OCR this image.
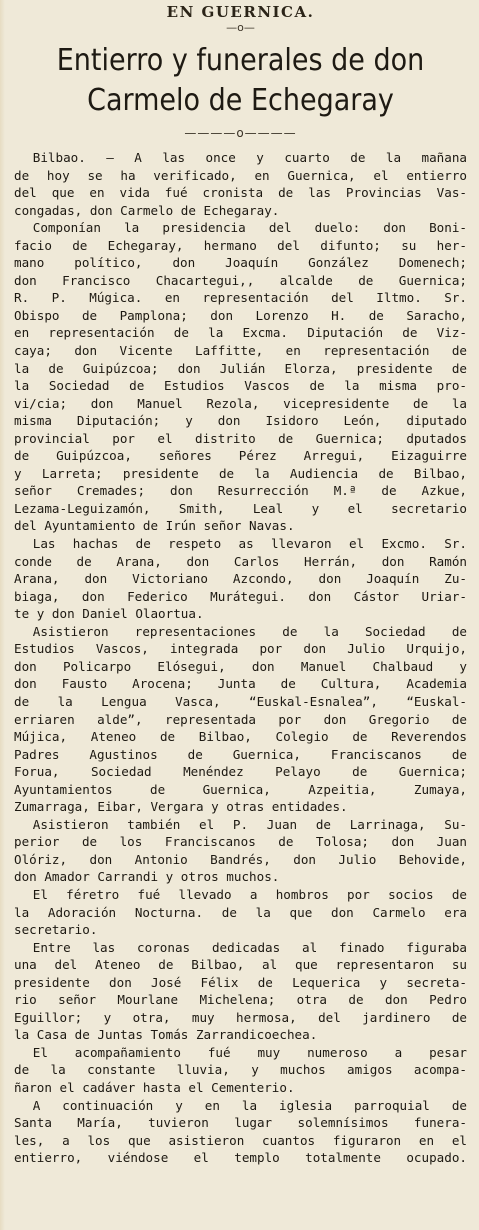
EN GUERNICA.
—o—
Entierro y funerales de don
Carmelo de Echegaray
————o————
Bilbao. — A las once y cuarto de la mañana
de hoy se ha verificado, en Guernica, el entierro
del que en vida fué cronista de las Provincias Vas-
congadas, don Carmelo de Echegaray.
Componían la presidencia del duelo: don Boni-
facio de Echegaray, hermano del difunto; su her-
mano político, don Joaquín González Domenech;
don Francisco Chacartegui,, alcalde de Guernica;
R. P. Múgica. en representación del Iltmo. Sr.
Obispo de Pamplona; don Lorenzo H. de Saracho,
en representación de la Excma. Diputación de Viz-
caya; don Vicente Laffitte, en representación de
la de Guipúzcoa; don Julián Elorza, presidente de
la Sociedad de Estudios Vascos de la misma pro-
vi/cia; don Manuel Rezola, vicepresidente de la
misma Diputación; y don Isidoro León, diputado
provincial por el distrito de Guernica; dputados
de Guipúzcoa, señores Pérez Arregui, Eizaguirre
y Larreta; presidente de la Audiencia de Bilbao,
señor Cremades; don Resurrección M.ª de Azkue,
Lezama-Leguizamón, Smith, Leal y el secretario
del Ayuntamiento de Irún señor Navas.
Las hachas de respeto as llevaron el Excmo. Sr.
conde de Arana, don Carlos Herrán, don Ramón
Arana, don Victoriano Azcondo, don Joaquín Zu-
biaga, don Federico Murátegui. don Cástor Uriar-
te y don Daniel Olaortua.
Asistieron representaciones de la Sociedad de
Estudios Vascos, integrada por don Julio Urquijo,
don Policarpo Elósegui, don Manuel Chalbaud y
don Fausto Arocena; Junta de Cultura, Academia
de la Lengua Vasca, “Euskal-Esnalea”, “Euskal-
erriaren alde”, representada por don Gregorio de
Mújica, Ateneo de Bilbao, Colegio de Reverendos
Padres Agustinos de Guernica, Franciscanos de
Forua, Sociedad Menéndez Pelayo de Guernica;
Ayuntamientos de Guernica, Azpeitia, Zumaya,
Zumarraga, Eibar, Vergara y otras entidades.
Asistieron también el P. Juan de Larrinaga, Su-
perior de los Franciscanos de Tolosa; don Juan
Olóriz, don Antonio Bandrés, don Julio Behovide,
don Amador Carrandi y otros muchos.
El féretro fué llevado a hombros por socios de
la Adoración Nocturna. de la que don Carmelo era
secretario.
Entre las coronas dedicadas al finado figuraba
una del Ateneo de Bilbao, al que representaron su
presidente don José Félix de Lequerica y secreta-
rio señor Mourlane Michelena; otra de don Pedro
Eguillor; y otra, muy hermosa, del jardinero de
la Casa de Juntas Tomás Zarrandicoechea.
El acompañamiento fué muy numeroso a pesar
de la constante lluvia, y muchos amigos acompa-
ñaron el cadáver hasta el Cementerio.
A continuación y en la iglesia parroquial de
Santa María, tuvieron lugar solemnísimos funera-
les, a los que asistieron cuantos figuraron en el
entierro, viéndose el templo totalmente ocupado.
